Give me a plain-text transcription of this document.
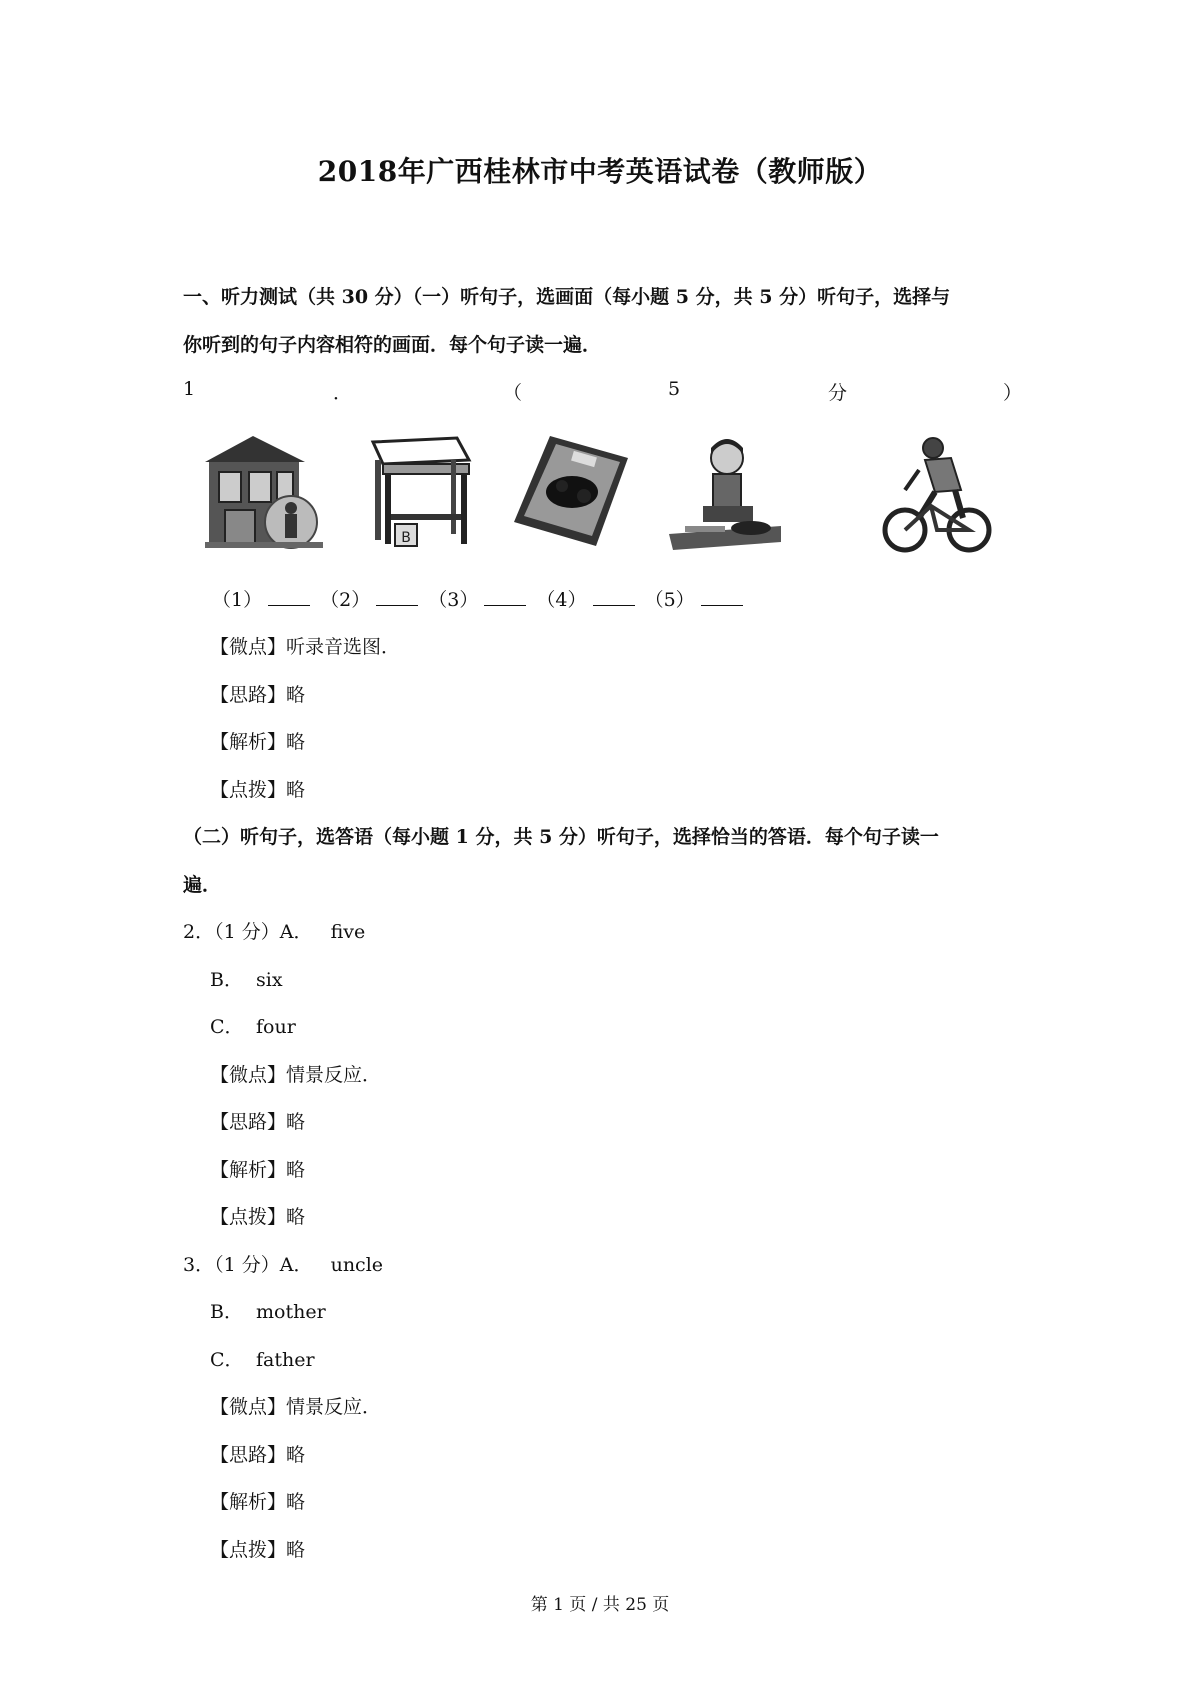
2018年广西桂林市中考英语试卷（教师版）
一、听力测试（共 30 分）（一）听句子，选画面（每小题 5 分，共 5 分）听句子，选择与
你听到的句子内容相符的画面．每个句子读一遍．
1	．	（	5	分	）
B
（1）	（2）	（3）	（4）	（5）
【微点】听录音选图．
【思路】略
【解析】略
【点拨】略
（二）听句子，选答语（每小题 1 分，共 5 分）听句子，选择恰当的答语．每个句子读一
遍．
2．（1 分）A． five
B． six
C． four
【微点】情景反应．
【思路】略
【解析】略
【点拨】略
3．（1 分）A． uncle
B． mother
C． father
【微点】情景反应．
【思路】略
【解析】略
【点拨】略
第 1 页 / 共 25 页
